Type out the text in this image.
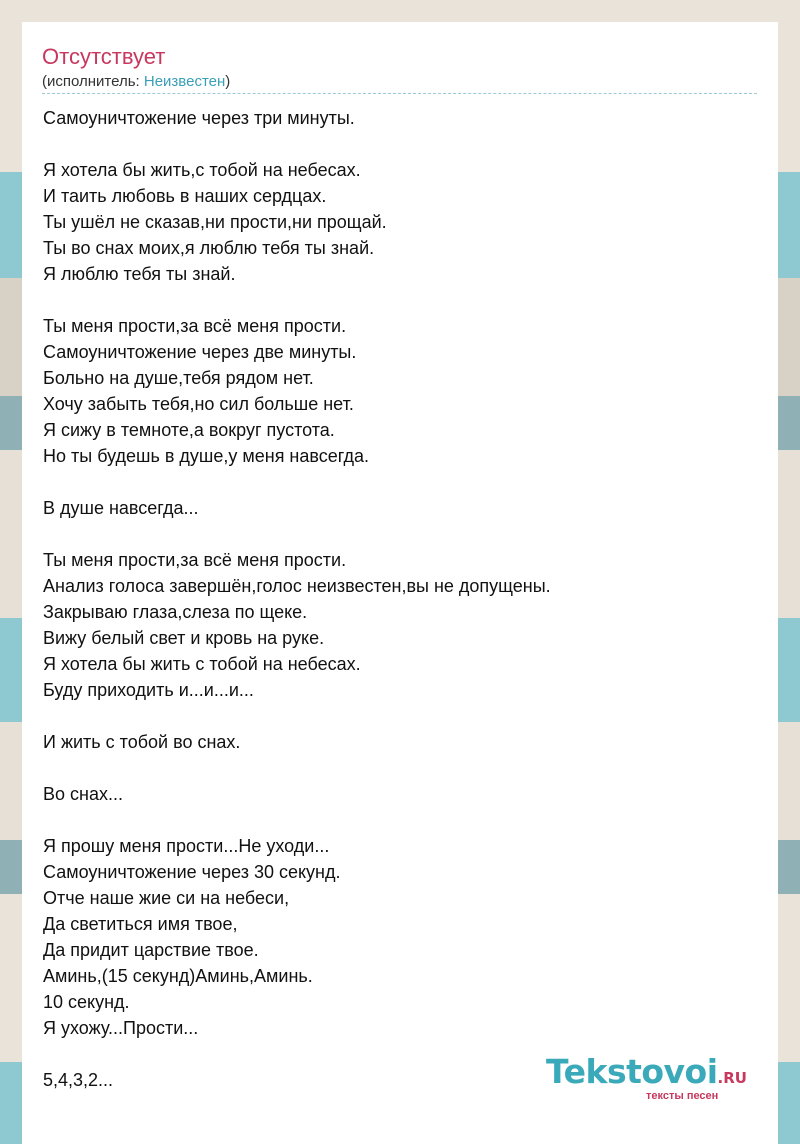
Отсутствует
(исполнитель: Неизвестен)
Самоуничтожение через три минуты.
Я хотела бы жить,с тобой на небесах.
И таить любовь в наших сердцах.
Ты ушёл не сказав,ни прости,ни прощай.
Ты во снах моих,я люблю тебя ты знай.
Я люблю тебя ты знай.
Ты меня прости,за всё меня прости.
Самоуничтожение через две минуты.
Больно на душе,тебя рядом нет.
Хочу забыть тебя,но сил больше нет.
Я сижу в темноте,а вокруг пустота.
Но ты будешь в душе,у меня навсегда.
В душе навсегда...
Ты меня прости,за всё меня прости.
Анализ голоса завершён,голос неизвестен,вы не допущены.
Закрываю глаза,слеза по щеке.
Вижу белый свет и кровь на руке.
Я хотела бы жить с тобой на небесах.
Буду приходить и...и...и...
И жить с тобой во снах.
Во снах...
Я прошу меня прости...Не уходи...
Самоуничтожение через 30 секунд.
Отче наше жие си на небеси,
Да светиться имя твое,
Да придит царствие твое.
Аминь,(15 секунд)Аминь,Аминь.
10 секунд.
Я ухожу...Прости...
5,4,3,2...	Tekstovoi.RU
тексты песен
